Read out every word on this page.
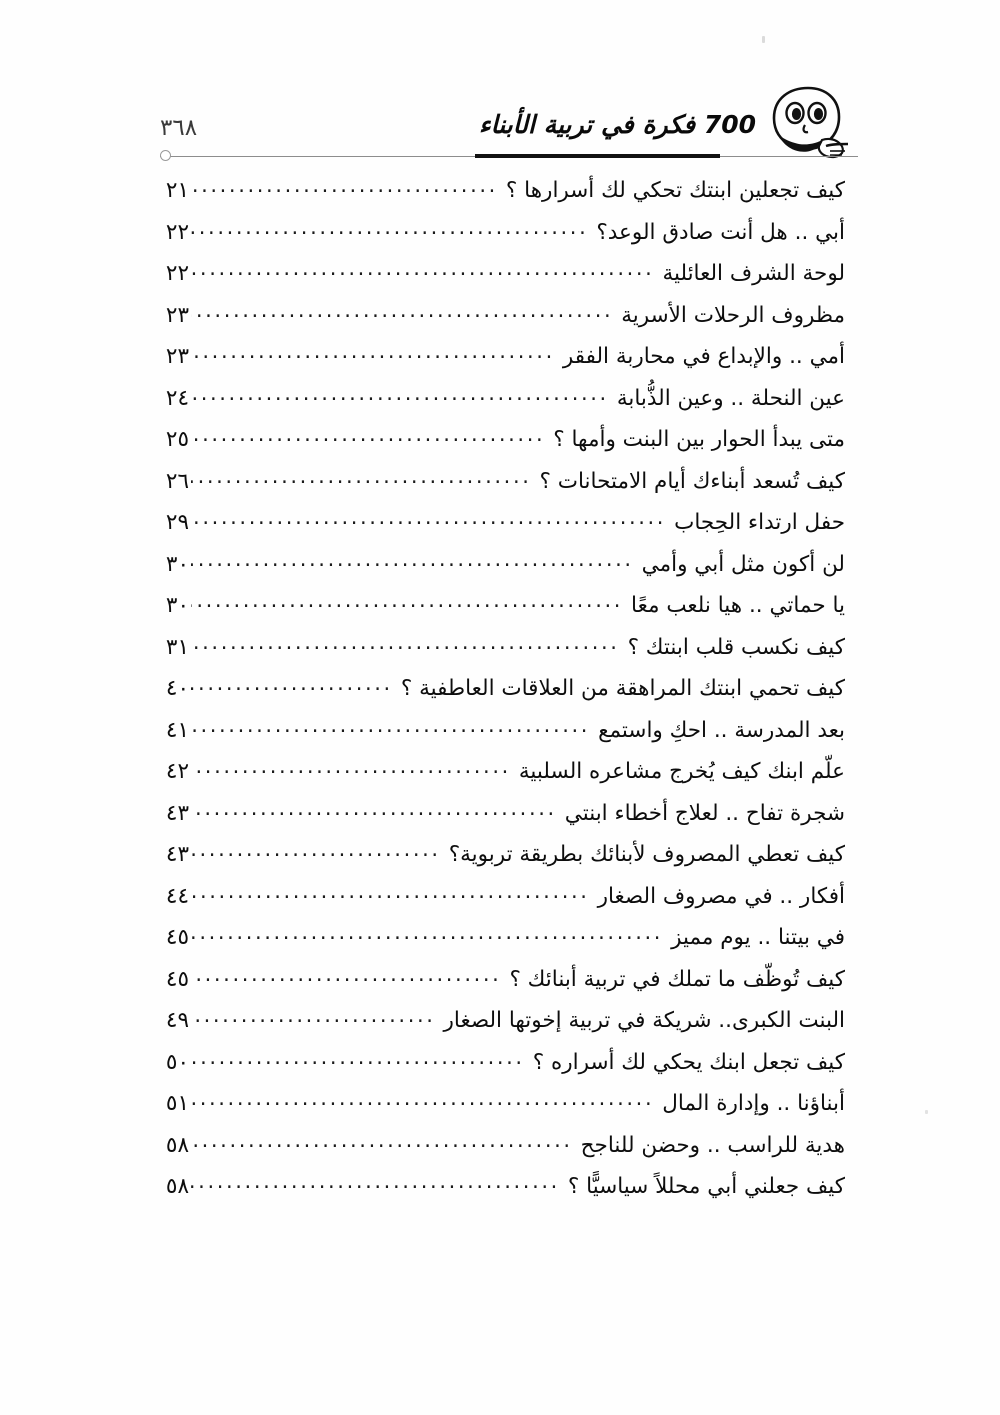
700 فكرة في تربية الأبناء
٣٦٨
كيف تجعلين ابنتك تحكي لك أسرارها ؟
.....
٢١
أبي .. هل أنت صادق الوعد؟
.....
٢٢
لوحة الشرف العائلية
.....
٢٢
مظروف الرحلات الأسرية
.....
٢٣
أمي .. والإبداع في محاربة الفقر
.....
٢٣
عين النحلة .. وعين الذُّبابة
.....
٢٤
متى يبدأ الحوار بين البنت وأمها ؟
.....
٢٥
كيف تُسعد أبناءك أيام الامتحانات ؟
.....
٢٦
حفل ارتداء الحِجاب
.....
٢٩
لن أكون مثل أبي وأمي
.....
٣٠
يا حماتي .. هيا نلعب معًا
.....
٣٠
كيف نكسب قلب ابنتك ؟
.....
٣١
كيف تحمي ابنتك المراهقة من العلاقات العاطفية ؟
.....
٤٠
بعد المدرسة .. احكِ واستمع
.....
٤١
علّم ابنك كيف يُخرج مشاعره السلبية
.....
٤٢
شجرة تفاح .. لعلاج أخطاء ابنتي
.....
٤٣
كيف تعطي المصروف لأبنائك بطريقة تربوية؟
.....
٤٣
أفكار .. في مصروف الصغار
.....
٤٤
في بيتنا .. يوم مميز
.....
٤٥
كيف تُوظّف ما تملك في تربية أبنائك ؟
.....
٤٥
البنت الكبرى.. شريكة في تربية إخوتها الصغار
.....
٤٩
كيف تجعل ابنك يحكي لك أسراره ؟
.....
٥٠
أبناؤنا .. وإدارة المال
.....
٥١
هدية للراسب .. وحضن للناجح
.....
٥٨
كيف جعلني أبي محللاً سياسيًّا ؟
.....
٥٨
